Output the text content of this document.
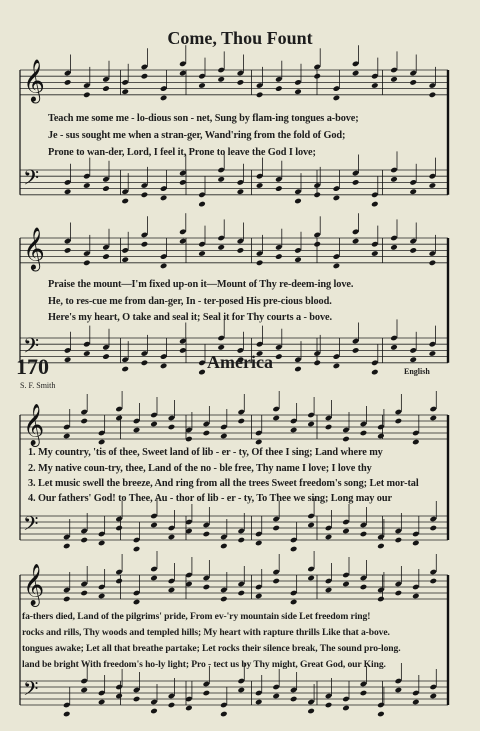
Come, Thou Fount
𝄞
𝄢
𝄞
𝄢
𝄞
𝄢
𝄞
𝄢
Teach me some me - lo-dious son - net, Sung by flam-ing tongues a-bove;
Je - sus sought me when a stran-ger, Wand'ring from the fold of God;
Prone to wan-der, Lord, I feel it, Prone to leave the God I love;
Praise the mount—I'm fixed up-on it—Mount of Thy re-deem-ing love.
He, to res-cue me from dan-ger, In - ter-posed His pre-cious blood.
Here's my heart, O take and seal it; Seal it for Thy courts a - bove.
170	America
S. F. Smith
English
1. My country, 'tis of thee, Sweet land of lib - er - ty, Of thee I sing; Land where my
2. My native coun-try, thee, Land of the no - ble free, Thy name I love; I love thy
3. Let music swell the breeze, And ring from all the trees Sweet freedom's song; Let mor-tal
4. Our fathers' God! to Thee, Au - thor of lib - er - ty, To Thee we sing; Long may our
fa-thers died, Land of the pilgrims' pride, From ev-'ry mountain side Let freedom ring!
rocks and rills, Thy woods and templed hills; My heart with rapture thrills Like that a-bove.
tongues awake; Let all that breathe partake; Let rocks their silence break, The sound pro-long.
land be bright With freedom's ho-ly light; Pro - tect us by Thy might, Great God, our King.
